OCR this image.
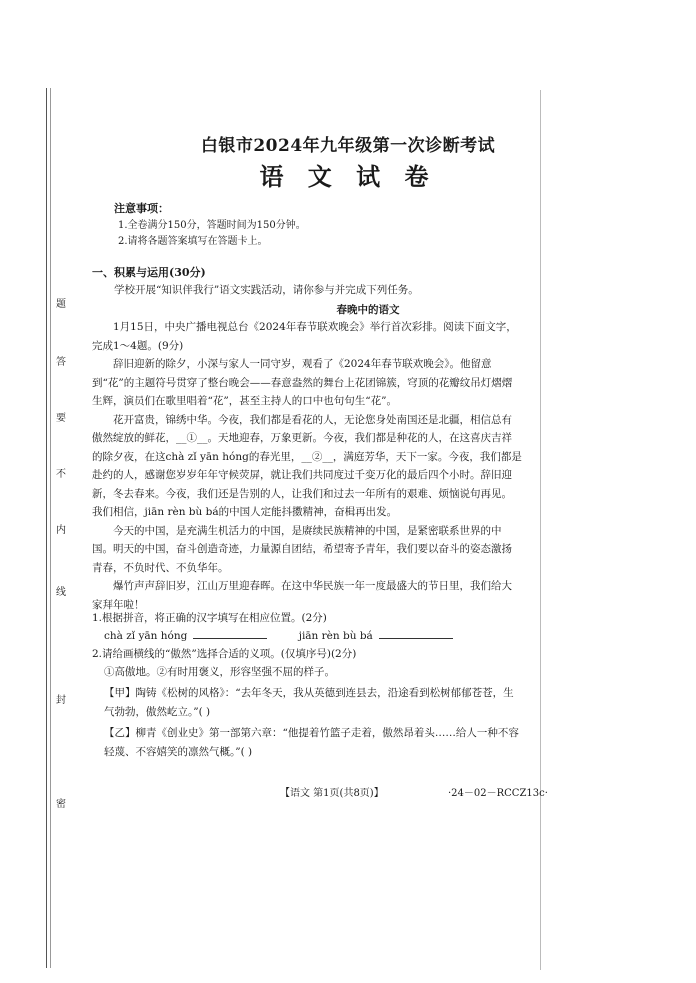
题
答
要
不
内
线
封
密
白银市2024年九年级第一次诊断考试
语 文 试 卷
注意事项：
1.全卷满分150分，答题时间为150分钟。
2.请将各题答案填写在答题卡上。
一、积累与运用(30分)
学校开展“知识伴我行”语文实践活动，请你参与并完成下列任务。
春晚中的语文

1月15日，中央广播电视总台《2024年春节联欢晚会》举行首次彩排。阅读下面文字，完成1～4题。(9分)

辞旧迎新的除夕，小深与家人一同守岁，观看了《2024年春节联欢晚会》。他留意到“花”的主题符号贯穿了整台晚会——春意盎然的舞台上花团锦簇，穹顶的花瓣纹吊灯熠熠生辉，演员们在歌里唱着“花”，甚至主持人的口中也句句生“花”。

花开富贵，锦绣中华。今夜，我们都是看花的人，无论您身处南国还是北疆，相信总有傲然绽放的鲜花，__①__。天地迎春，万象更新。今夜，我们都是种花的人，在这喜庆吉祥的除夕夜，在这chà zǐ yān hóng的春光里，__②__，满庭芳华，天下一家。今夜，我们都是赴约的人，感谢您岁岁年年守候荧屏，就让我们共同度过千变万化的最后四个小时。辞旧迎新，冬去春来。今夜，我们还是告别的人，让我们和过去一年所有的艰难、烦恼说句再见。我们相信，jiān rèn bù bá的中国人定能抖擞精神，奋楫再出发。

今天的中国，是充满生机活力的中国，是赓续民族精神的中国，是紧密联系世界的中国。明天的中国，奋斗创造奇迹，力量源自团结，希望寄予青年，我们要以奋斗的姿态激扬青春，不负时代、不负华年。

爆竹声声辞旧岁，江山万里迎春晖。在这中华民族一年一度最盛大的节日里，我们给大家拜年啦！

1.根据拼音，将正确的汉字填写在相应位置。(2分)
chà zǐ yān hóng	jiān rèn bù bá
2.请给画横线的“傲然”选择合适的义项。(仅填序号)(2分)
①高傲地。②有时用褒义，形容坚强不屈的样子。
【甲】陶铸《松树的风格》：“去年冬天，我从英德到连县去，沿途看到松树郁郁苍苍，生气勃勃，傲然屹立。”( )
【乙】柳青《创业史》第一部第六章：“他提着竹篮子走着，傲然昂着头……给人一种不容轻蔑、不容嬉笑的凛然气概。”( )
【语文 第1页(共8页)】	·24－02－RCCZ13c·
